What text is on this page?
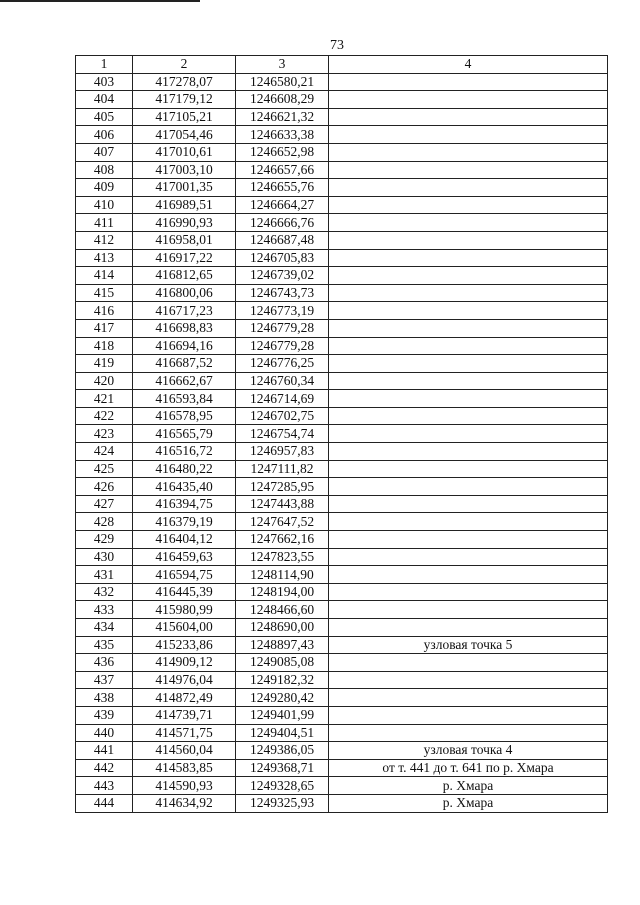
73
1	2	3	4
403	417278,07	1246580,21	
404	417179,12	1246608,29	
405	417105,21	1246621,32	
406	417054,46	1246633,38	
407	417010,61	1246652,98	
408	417003,10	1246657,66	
409	417001,35	1246655,76	
410	416989,51	1246664,27	
411	416990,93	1246666,76	
412	416958,01	1246687,48	
413	416917,22	1246705,83	
414	416812,65	1246739,02	
415	416800,06	1246743,73	
416	416717,23	1246773,19	
417	416698,83	1246779,28	
418	416694,16	1246779,28	
419	416687,52	1246776,25	
420	416662,67	1246760,34	
421	416593,84	1246714,69	
422	416578,95	1246702,75	
423	416565,79	1246754,74	
424	416516,72	1246957,83	
425	416480,22	1247111,82	
426	416435,40	1247285,95	
427	416394,75	1247443,88	
428	416379,19	1247647,52	
429	416404,12	1247662,16	
430	416459,63	1247823,55	
431	416594,75	1248114,90	
432	416445,39	1248194,00	
433	415980,99	1248466,60	
434	415604,00	1248690,00	
435	415233,86	1248897,43	узловая точка 5
436	414909,12	1249085,08	
437	414976,04	1249182,32	
438	414872,49	1249280,42	
439	414739,71	1249401,99	
440	414571,75	1249404,51	
441	414560,04	1249386,05	узловая точка 4
442	414583,85	1249368,71	от т. 441 до т. 641 по р. Хмара
443	414590,93	1249328,65	р. Хмара
444	414634,92	1249325,93	р. Хмара
